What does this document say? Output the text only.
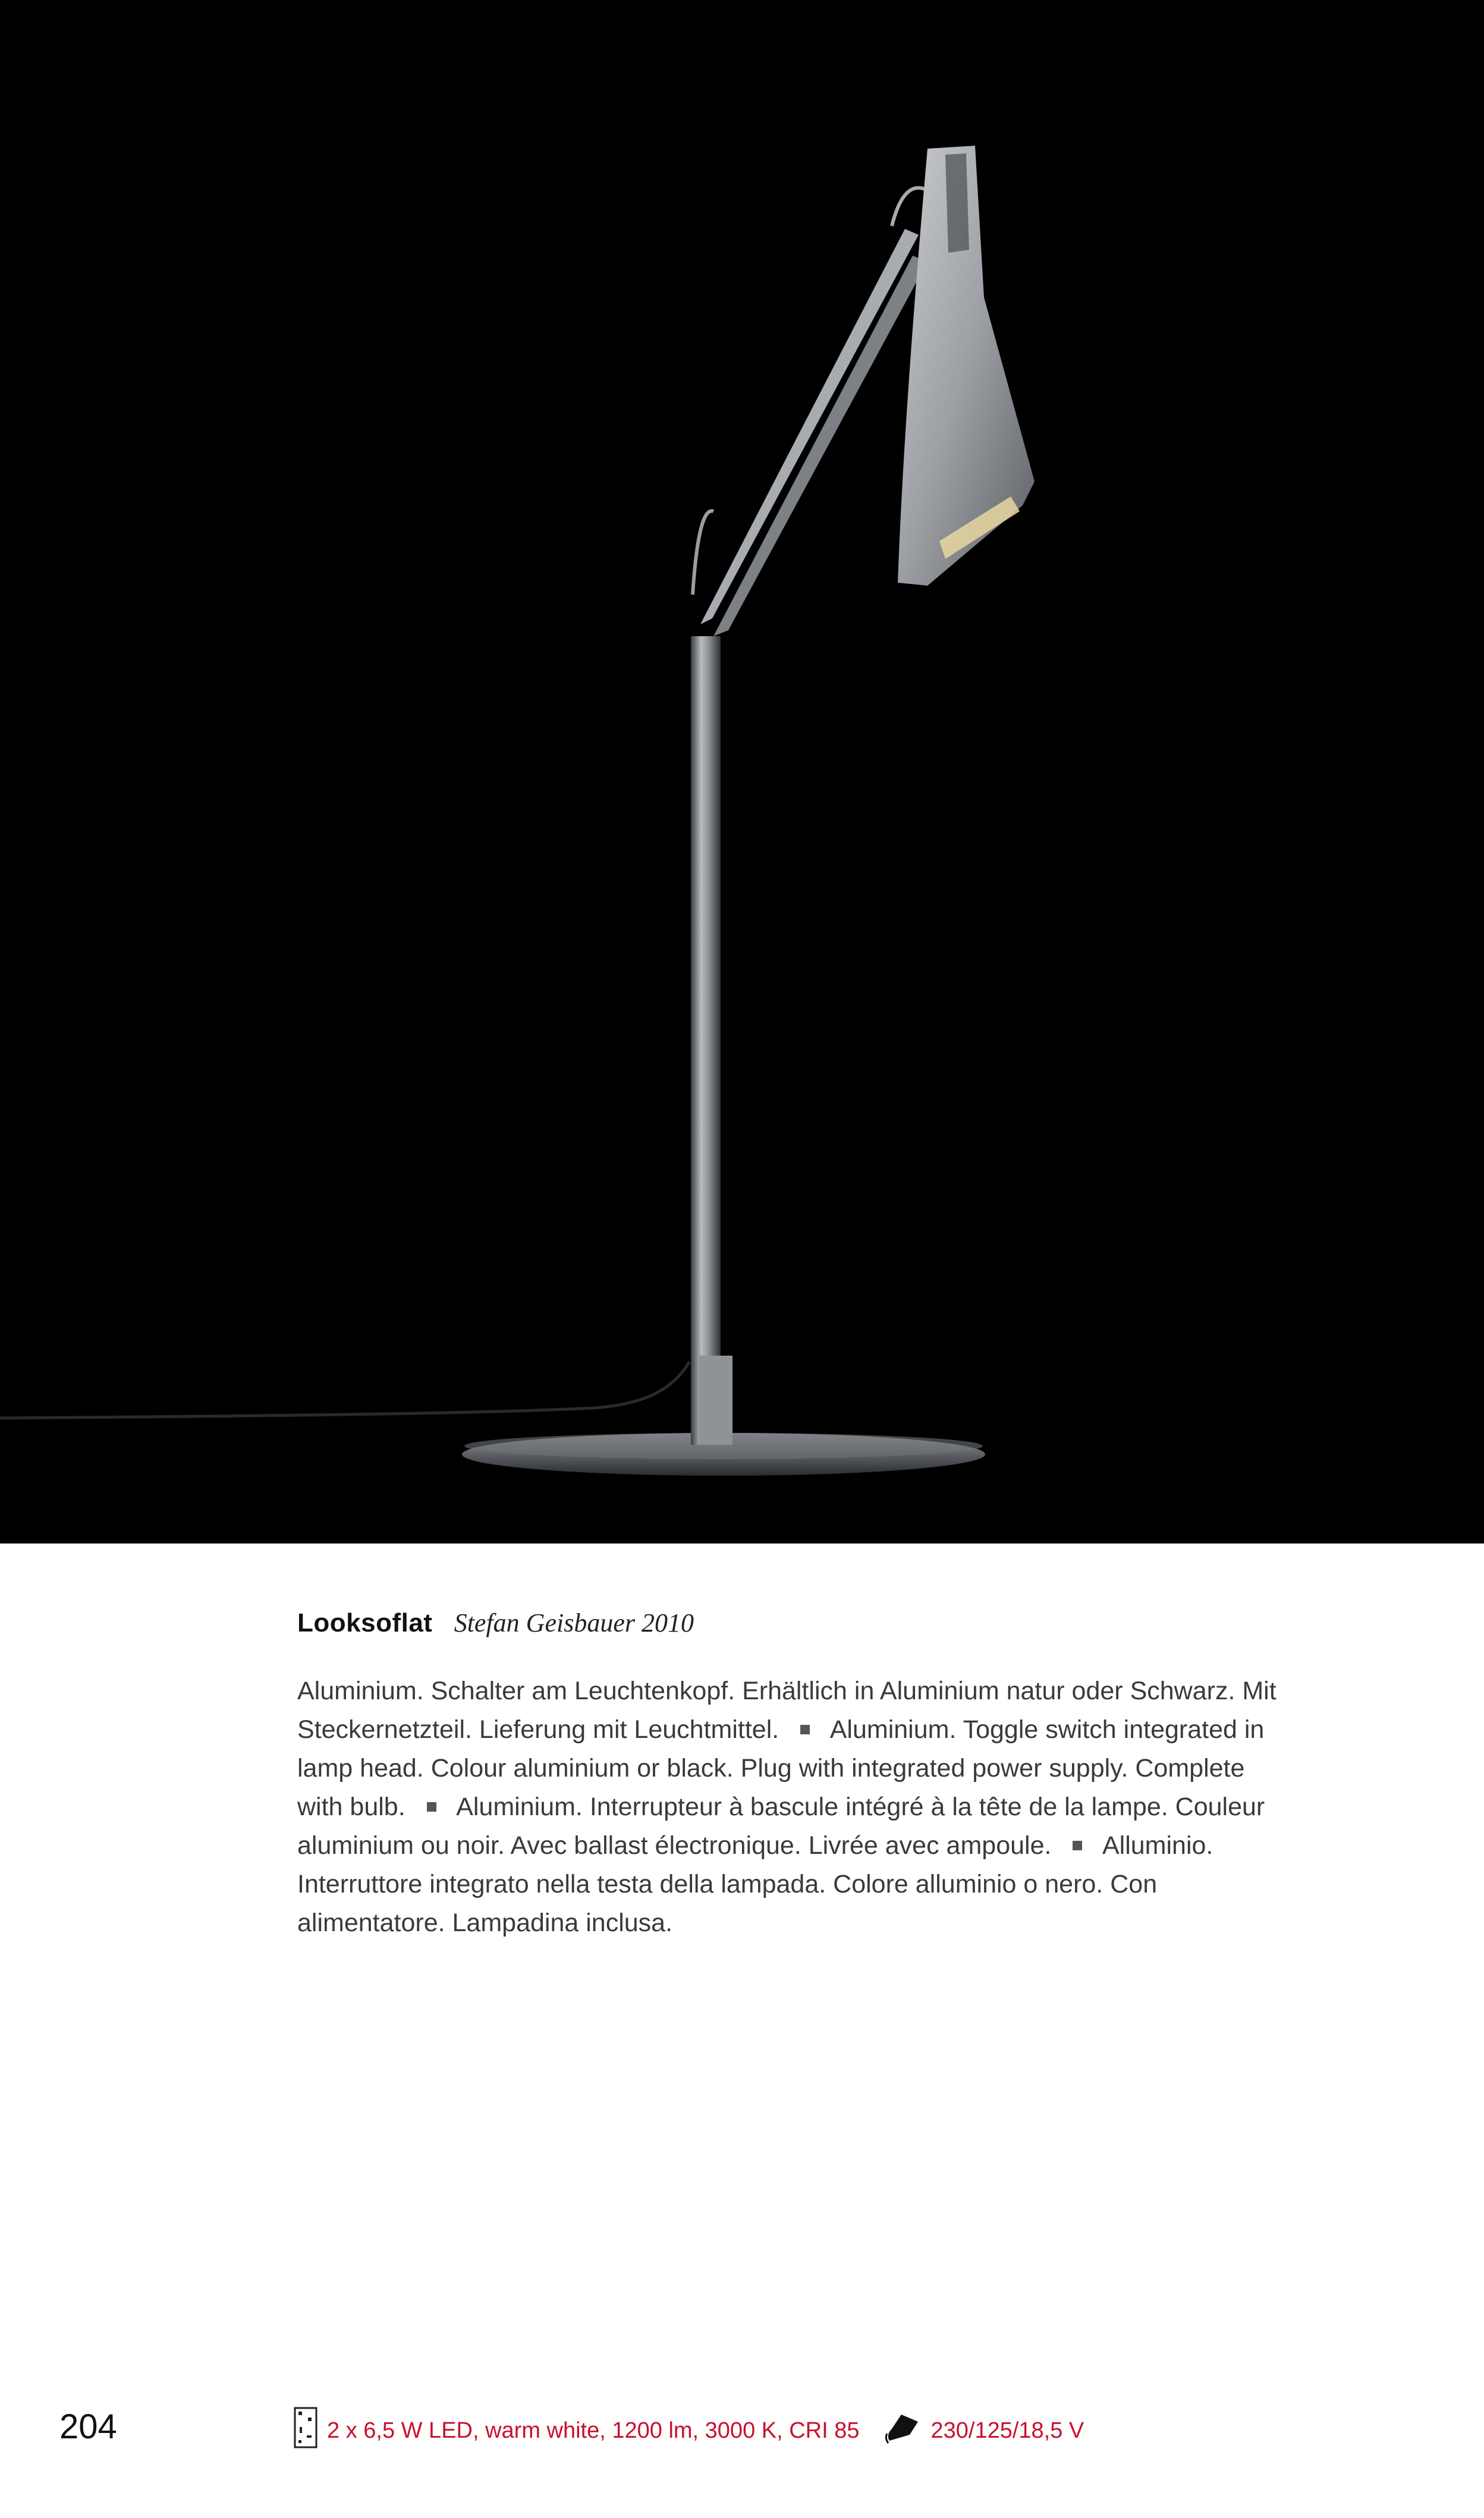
Looksoflat Stefan Geisbauer 2010
Aluminium. Schalter am Leuchtenkopf. Erhältlich in Aluminium natur oder Schwarz. Mit Steckernetzteil. Lieferung mit Leuchtmittel. Aluminium. Toggle switch integrated in lamp head. Colour aluminium or black. Plug with integrated power supply. Complete with bulb. Aluminium. Interrupteur à bascule intégré à la tête de la lampe. Couleur aluminium ou noir. Avec ballast électronique. Livrée avec ampoule. Alluminio. Interruttore integrato nella testa della lampada. Colore alluminio o nero. Con alimentatore. Lampadina inclusa.
204	2 x 6,5 W LED, warm white, 1200 lm, 3000 K, CRI 85	230/125/18,5 V
